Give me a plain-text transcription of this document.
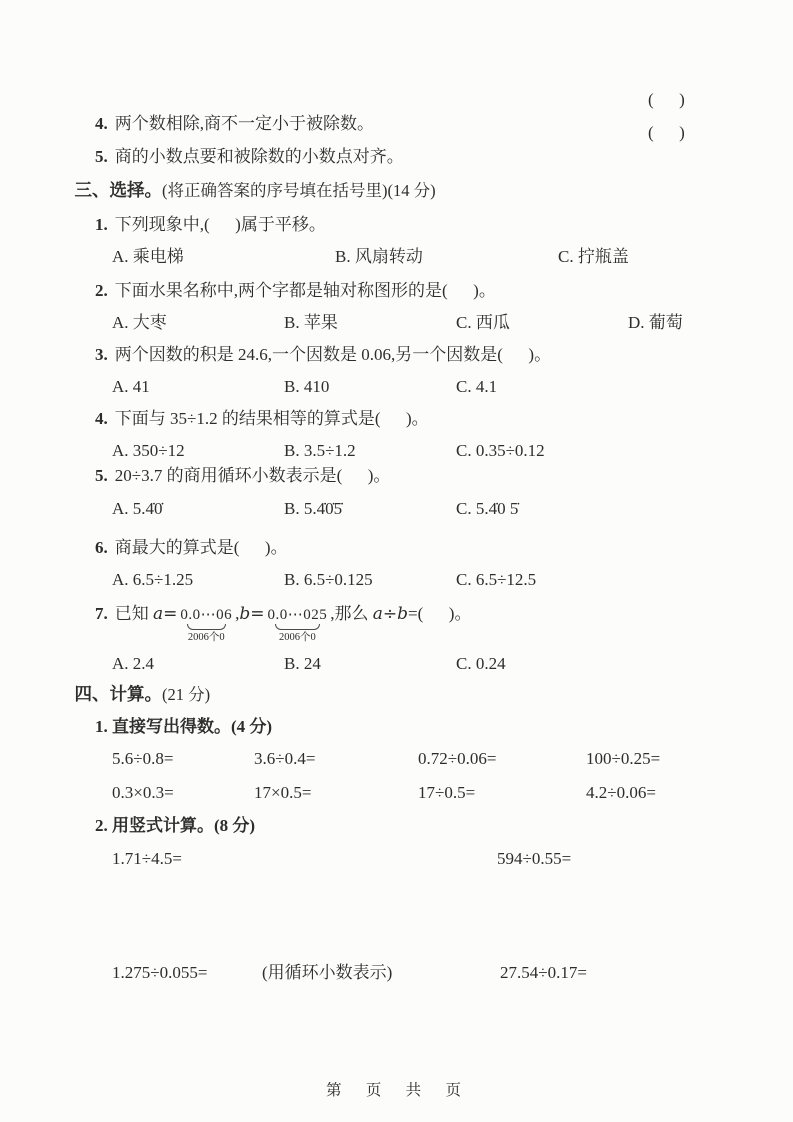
4. 两个数相除,商不一定小于被除数。

(      )

5. 商的小数点要和被除数的小数点对齐。

(      )

三、选择。(将正确答案的序号填在括号里)(14 分)

1. 下列现象中,(      )属于平移。

A. 乘电梯	B. 风扇转动	C. 拧瓶盖

2. 下面水果名称中,两个字都是轴对称图形的是(      )。

A. 大枣	B. 苹果	C. 西瓜	D. 葡萄

3. 两个因数的积是 24.6,一个因数是 0.06,另一个因数是(      )。

A. 41	B. 410	C. 4.1

4. 下面与 35÷1.2 的结果相等的算式是(      )。

A. 350÷12	B. 3.5÷1.2	C. 0.35÷0.12

5. 20÷3.7 的商用循环小数表示是(      )。

A. 5.4̇0̇	B. 5.4̇0̇5̇	C. 5.4̇0 5̇

6. 商最大的算式是(      )。

A. 6.5÷1.25	B. 6.5÷0.125	C. 6.5÷12.5

7. 已知 a= 0.0⋯06
2006个0
,b= 0.0⋯025
2006个0
,那么 a÷b=(      )。

A. 2.4	B. 24	C. 0.24

四、计算。(21 分)

1. 直接写出得数。(4 分)

5.6÷0.8=	3.6÷0.4=	0.72÷0.06=	100÷0.25=

0.3×0.3=	17×0.5=	17÷0.5=	4.2÷0.06=

2. 用竖式计算。(8 分)

1.71÷4.5=	594÷0.55=

1.275÷0.055=	(用循环小数表示)	27.54÷0.17=

第 页 共 页
